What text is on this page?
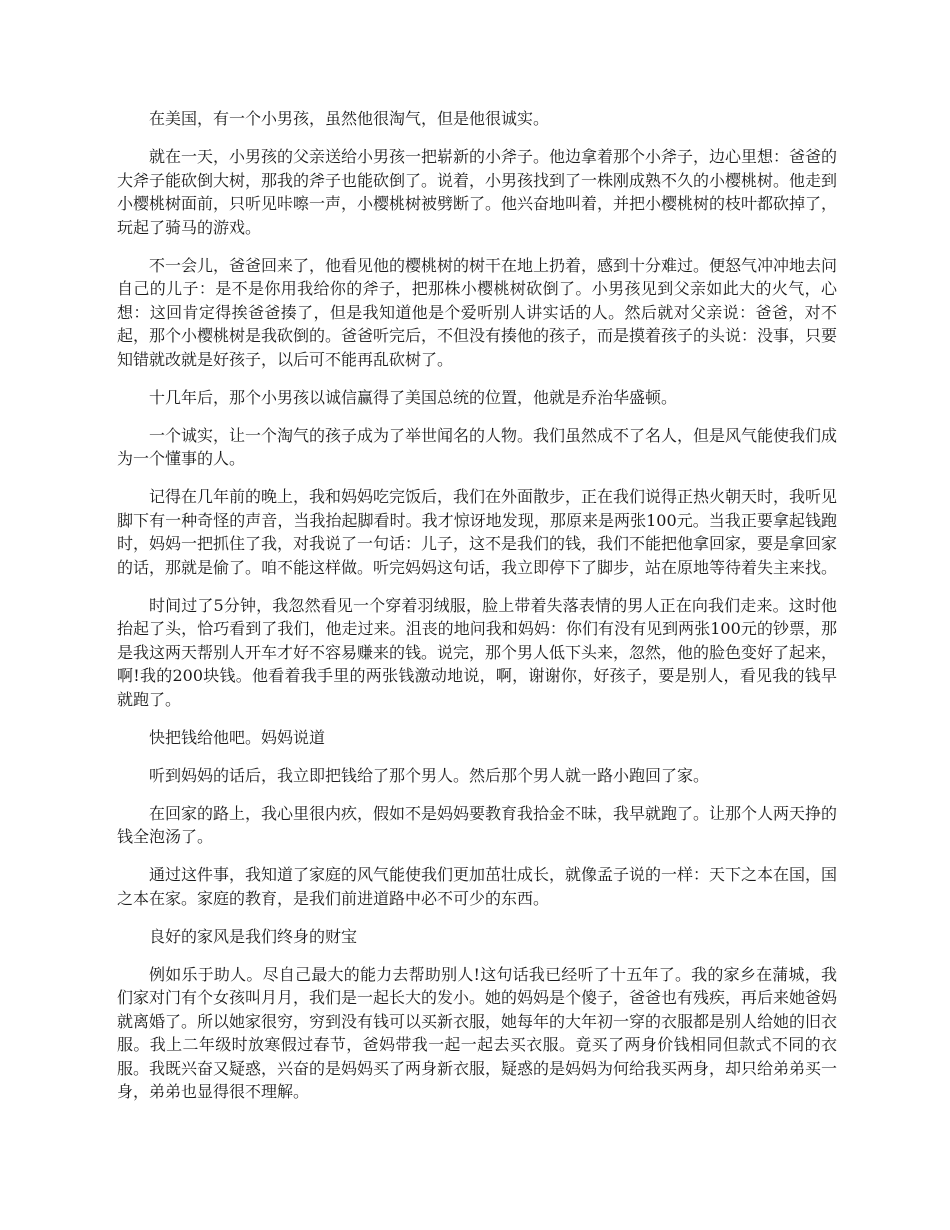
在美国，有一个小男孩，虽然他很淘气，但是他很诚实。

就在一天，小男孩的父亲送给小男孩一把崭新的小斧子。他边拿着那个小斧子，边心里想：爸爸的大斧子能砍倒大树，那我的斧子也能砍倒了。说着，小男孩找到了一株刚成熟不久的小樱桃树。他走到小樱桃树面前，只听见咔嚓一声，小樱桃树被劈断了。他兴奋地叫着，并把小樱桃树的枝叶都砍掉了，玩起了骑马的游戏。

不一会儿，爸爸回来了，他看见他的樱桃树的树干在地上扔着，感到十分难过。便怒气冲冲地去问自己的儿子：是不是你用我给你的斧子，把那株小樱桃树砍倒了。小男孩见到父亲如此大的火气，心想：这回肯定得挨爸爸揍了，但是我知道他是个爱听别人讲实话的人。然后就对父亲说：爸爸，对不起，那个小樱桃树是我砍倒的。爸爸听完后，不但没有揍他的孩子，而是摸着孩子的头说：没事，只要知错就改就是好孩子，以后可不能再乱砍树了。

十几年后，那个小男孩以诚信赢得了美国总统的位置，他就是乔治华盛顿。

一个诚实，让一个淘气的孩子成为了举世闻名的人物。我们虽然成不了名人，但是风气能使我们成为一个懂事的人。

记得在几年前的晚上，我和妈妈吃完饭后，我们在外面散步，正在我们说得正热火朝天时，我听见脚下有一种奇怪的声音，当我抬起脚看时。我才惊讶地发现，那原来是两张100元。当我正要拿起钱跑时，妈妈一把抓住了我，对我说了一句话：儿子，这不是我们的钱，我们不能把他拿回家，要是拿回家的话，那就是偷了。咱不能这样做。听完妈妈这句话，我立即停下了脚步，站在原地等待着失主来找。

时间过了5分钟，我忽然看见一个穿着羽绒服，脸上带着失落表情的男人正在向我们走来。这时他抬起了头，恰巧看到了我们，他走过来。沮丧的地问我和妈妈：你们有没有见到两张100元的钞票，那是我这两天帮别人开车才好不容易赚来的钱。说完，那个男人低下头来，忽然，他的脸色变好了起来，啊!我的200块钱。他看着我手里的两张钱激动地说，啊，谢谢你，好孩子，要是别人，看见我的钱早就跑了。

快把钱给他吧。妈妈说道

听到妈妈的话后，我立即把钱给了那个男人。然后那个男人就一路小跑回了家。

在回家的路上，我心里很内疚，假如不是妈妈要教育我拾金不昧，我早就跑了。让那个人两天挣的钱全泡汤了。

通过这件事，我知道了家庭的风气能使我们更加茁壮成长，就像孟子说的一样：天下之本在国，国之本在家。家庭的教育，是我们前进道路中必不可少的东西。

良好的家风是我们终身的财宝

例如乐于助人。尽自己最大的能力去帮助别人!这句话我已经听了十五年了。我的家乡在蒲城，我们家对门有个女孩叫月月，我们是一起长大的发小。她的妈妈是个傻子，爸爸也有残疾，再后来她爸妈就离婚了。所以她家很穷，穷到没有钱可以买新衣服，她每年的大年初一穿的衣服都是别人给她的旧衣服。我上二年级时放寒假过春节，爸妈带我一起一起去买衣服。竟买了两身价钱相同但款式不同的衣服。我既兴奋又疑惑，兴奋的是妈妈买了两身新衣服，疑惑的是妈妈为何给我买两身，却只给弟弟买一身，弟弟也显得很不理解。
